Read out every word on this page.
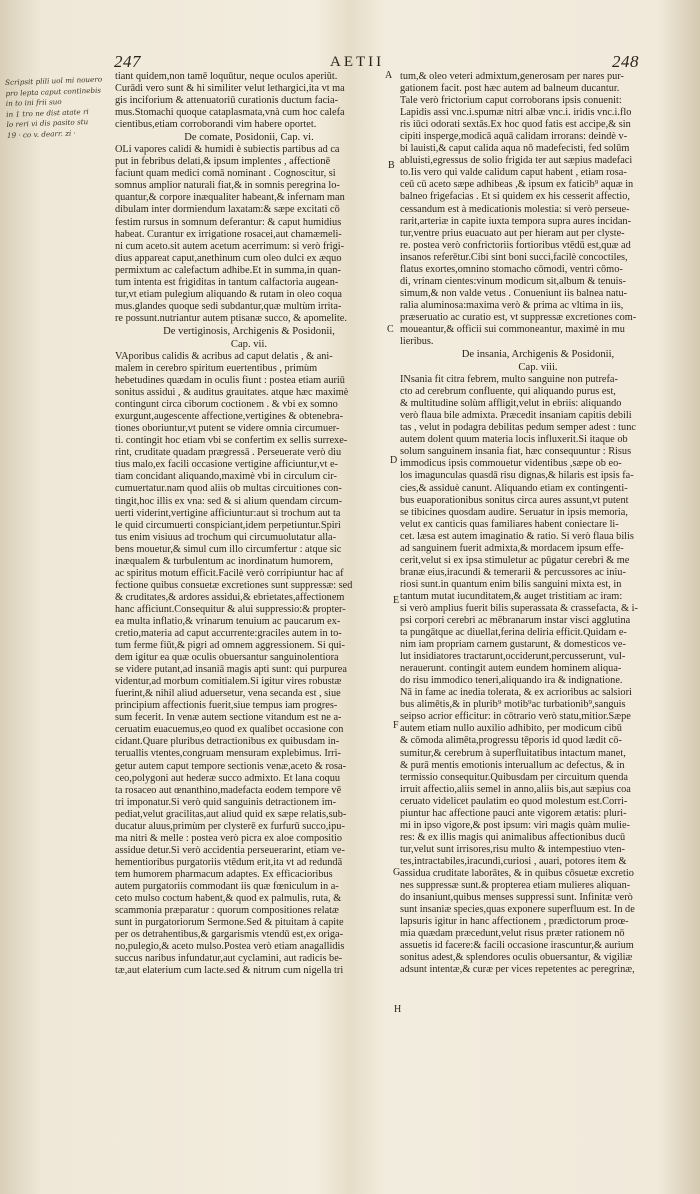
247	AETII	248
Scripsit plili uol mi nouero
pro lepta caput continebis
in to ini frii suo
in 1 tro ne dist atate ri
lo reri vi dis pasito stu
19 · co v. dearr. zi ·
A
B
C
D
E
F
G
H
tiant quidem,non tamē loquūtur, neque oculos aperiūt.
Curādi vero sunt & hi similiter velut lethargici,ita vt ma
gis inciforium & attenuatoriū curationis ductum facia-
mus.Stomachi quoque cataplasmata,vnà cum hoc calefa
cientibus,etiam corroborandi vim habere oportet.
De comate, Posidonii, Cap. vi.
OLi vapores calidi & humidi è subiectis partibus ad ca
put in febribus delati,& ipsum implentes , affectionē
faciunt quam medici comā nominant . Cognoscitur, si
somnus amplior naturali fiat,& in somnis peregrina lo-
quantur,& corpore inæqualiter habeant,& infernam man
dibulam inter dormiendum laxatam:& sæpe excitati cō
festim rursus in somnum deferantur: & caput humidius
habeat. Curantur ex irrigatione rosacei,aut chamæmeli-
ni cum aceto.sit autem acetum acerrimum: si verò frigi-
dius appareat caput,anethinum cum oleo dulci ex æquo
permixtum ac calefactum adhibe.Et in summa,in quan-
tum intenta est frigiditas in tantum calfactoria augean-
tur,vt etiam pulegium aliquando & rutam in oleo coqua
mus.glandes quoque sedi subdantur,quæ multùm irrita-
re possunt.nutriantur autem ptisanæ succo, & apomelite.
De vertiginosis, Archigenis & Posidonii,
Cap. vii.
VAporibus calidis & acribus ad caput delatis , & ani-
malem in cerebro spiritum euertentibus , primùm
hebetudines quædam in oculis fiunt : postea etiam auriū
sonitus assidui , & auditus grauitates. atque hæc maximè
contingunt circa ciborum coctionem . & vbi ex somno
exurgunt,augescente affectione,vertigines & obtenebra-
tiones oboriuntur,vt putent se videre omnia circumuer-
ti. contingit hoc etiam vbi se confertim ex sellis surrexe-
rint, cruditate quadam prægressā . Perseuerate verò diu
tius malo,ex facili occasione vertigine afficiuntur,vt e-
tiam concidant aliquando,maximè vbi in circulum cir-
cumuertatur.nam quod aliis ob multas circuitiones con-
tingit,hoc illis ex vna: sed & si alium quendam circum-
uerti viderint,vertigine afficiuntur:aut si trochum aut ta
le quid circumuerti conspiciant,idem perpetiuntur.Spiri
tus enim visiuus ad trochum qui circumuolutatur alla-
bens mouetur,& simul cum illo circumfertur : atque sic
inæqualem & turbulentum ac inordinatum humorem,
ac spiritus motum efficit.Facilè verò corripiuntur hac af
fectione quibus consuetæ excretiones sunt suppressæ: sed
& cruditates,& ardores assidui,& ebrietates,affectionem
hanc afficiunt.Consequitur & alui suppressio:& propter-
ea multa inflatio,& vrinarum tenuium ac paucarum ex-
cretio,materia ad caput accurrente:graciles autem in to-
tum ferme fiūt,& pigri ad omnem aggressionem. Si qui-
dem igitur ea quæ oculis obuersantur sanguinolentiora
se videre putant,ad insaniā magis apti sunt: qui purpurea
videntur,ad morbum comitialem.Si igitur vires robustæ
fuerint,& nihil aliud aduersetur, vena secanda est , siue
principium affectionis fuerit,siue tempus iam progres-
sum fecerit. In venæ autem sectione vitandum est ne a-
ceruatim euacuemus,eo quod ex qualibet occasione con
cidant.Quare pluribus detractionibus ex quibusdam in-
teruallis vtentes,congruam mensuram explebimus. Irri-
getur autem caput tempore sectionis venæ,aceto & rosa-
ceo,polygoni aut hederæ succo admixto. Et lana coquu
ta rosaceo aut œnanthino,madefacta eodem tempore vē
tri imponatur.Si verò quid sanguinis detractionem im-
pediat,velut gracilitas,aut aliud quid ex sæpe relatis,sub-
ducatur aluus,primùm per clysterē ex furfurū succo,ipu-
ma nitri & melle : postea verò picra ex aloe compositio
assidue detur.Si verò accidentia perseuerarint, etiam ve-
hementioribus purgatoriis vtēdum erit,ita vt ad redundā
tem humorem pharmacum adaptes. Ex efficacioribus
autem purgatoriis commodant iis quæ fœniculum in a-
ceto mulso coctum habent,& quod ex palmulis, ruta, &
scammonia præparatur : quorum compositiones relatæ
sunt in purgatoriorum Sermone.Sed & pituitam à capite
per os detrahentibus,& gargarismis vtendū est,ex origa-
no,pulegio,& aceto mulso.Postea verò etiam anagallidis
succus naribus infundatur,aut cyclamini, aut radicis be-
tæ,aut elaterium cum lacte.sed & nitrum cum nigella tri
tum,& oleo veteri admixtum,generosam per nares pur-
gationem facit. post hæc autem ad balneum ducantur.
Tale verò frictorium caput corroborans ipsis conuenit:
Lapidis assi vnc.i.spumæ nitri albæ vnc.i. iridis vnc.i.flo
ris iūci odorati sextās.Ex hoc quod fatis est accipe,& sin
cipiti insperge,modicā aquā calidam irrorans: deindè v-
bi lauisti,& caput calida aqua nō madefecisti, fed solūm
abluisti,egressus de solio frigida ter aut sæpius madefaci
to.Iis vero qui valde calidum caput habent , etiam rosa-
ceū cū aceto sæpe adhibeas ,& ipsum ex faticib⁹ aquæ in
balneo frigefacias . Et si quidem ex his cesserit affectio,
cessandum est à medicationis molestia: si verò perseue-
rarit,arteriæ in capite iuxta tempora supra aures incidan-
tur,ventre prius euacuato aut per hieram aut per clyste-
re. postea verò confrictoriis fortioribus vtēdū est,quæ ad
insanos referētur.Cibi sint boni succi,facilè concoctiles,
flatus exortes,omnino stomacho cōmodi, ventri cōmo-
di, vrinam cientes:vinum modicum sit,album & tenuis-
simum,& non valde vetus . Conueniunt iis balnea natu-
ralia aluminosa:maxima verò & prima ac vltima in iis,
præseruatio ac curatio est, vt suppressæ excretiones com-
moueantur,& officii sui commoneantur, maximè in mu
lieribus.
De insania, Archigenis & Posidonii,
Cap. viii.
INsania fit citra febrem, multo sanguine non putrefa-
cto ad cerebrum confluente, qui aliquando purus est,
& multitudine solùm affligit,velut in ebriis: aliquando
verò flaua bile admixta. Præcedit insaniam capitis debili
tas , velut in podagra debilitas pedum semper adest : tunc
autem dolent quum materia locis influxerit.Si itaque ob
solum sanguinem insania fiat, hæc consequuntur : Risus
immodicus ipsis commouetur videntibus ,sæpe ob eo-
los imagunculas quasdā risu dignas,& hilaris est ipsis fa-
cies,& assiduè canunt. Aliquando etiam ex contingenti-
bus euaporationibus sonitus circa aures assunt,vt putent
se tibicines quosdam audire. Seruatur in ipsis memoria,
velut ex canticis quas familiares habent coniectare li-
cet. læsa est autem imaginatio & ratio. Si verò flaua bilis
ad sanguinem fuerit admixta,& mordacem ipsum effe-
cerit,velut si ex ipsa stimuletur ac pūgatur cerebri & me
branæ eius,iracundi & temerarii & percussores ac iniu-
riosi sunt.in quantum enim bilis sanguini mixta est, in
tantum mutat iucunditatem,& auget tristitiam ac iram:
si verò amplius fuerit bilis superassata & crassefacta, & i-
psi corpori cerebri ac mēbranarum instar visci agglutina
ta pungātque ac diuellat,ferina deliria efficit.Quidam e-
nim iam propriam carnem gustarunt, & domesticos ve-
lut insidiatores tractarunt,occiderunt,percusserunt, vul-
nerauerunt. contingit autem eundem hominem aliqua-
do risu immodico teneri,aliquando ira & indignatione.
Nā in fame ac inedia tolerata, & ex acrioribus ac salsiori
bus alimētis,& in plurib⁹ motib⁹ac turbationib⁹,sanguis
seipso acrior efficitur: in cōtrario verò statu,mitior.Sæpe
autem etiam nullo auxilio adhibito, per modicum cibū
& cōmoda alimēta,progressu tēporis id quod lædit cō-
sumitur,& cerebrum à superfluitatibus intactum manet,
& purā mentis emotionis interuallum ac defectus, & in
termissio consequitur.Quibusdam per circuitum quenda
irruit affectio,aliis semel in anno,aliis bis,aut sæpius coa
ceruato videlicet paulatim eo quod molestum est.Corri-
piuntur hac affectione pauci ante vigorem ætatis: pluri-
mi in ipso vigore,& post ipsum: viri magis quàm mulie-
res: & ex illis magis qui animalibus affectionibus ducū
tur,velut sunt irrisores,risu multo & intempestiuo vten-
tes,intractabiles,iracundi,curiosi , auari, potores item &
assidua cruditate laborātes, & in quibus cōsuetæ excretio
nes suppressæ sunt.& propterea etiam mulieres aliquan-
do insaniunt,quibus menses suppressi sunt. Infinitæ verò
sunt insaniæ species,quas exponere superfluum est. In de
lapsuris igitur in hanc affectionem , prædictorum proœ-
mia quædam præcedunt,velut risus præter rationem nō
assuetis id facere:& facili occasione irascuntur,& aurium
sonitus adest,& splendores oculis obuersantur, & vigiliæ
adsunt intentæ,& curæ per vices repetentes ac peregrinæ,
